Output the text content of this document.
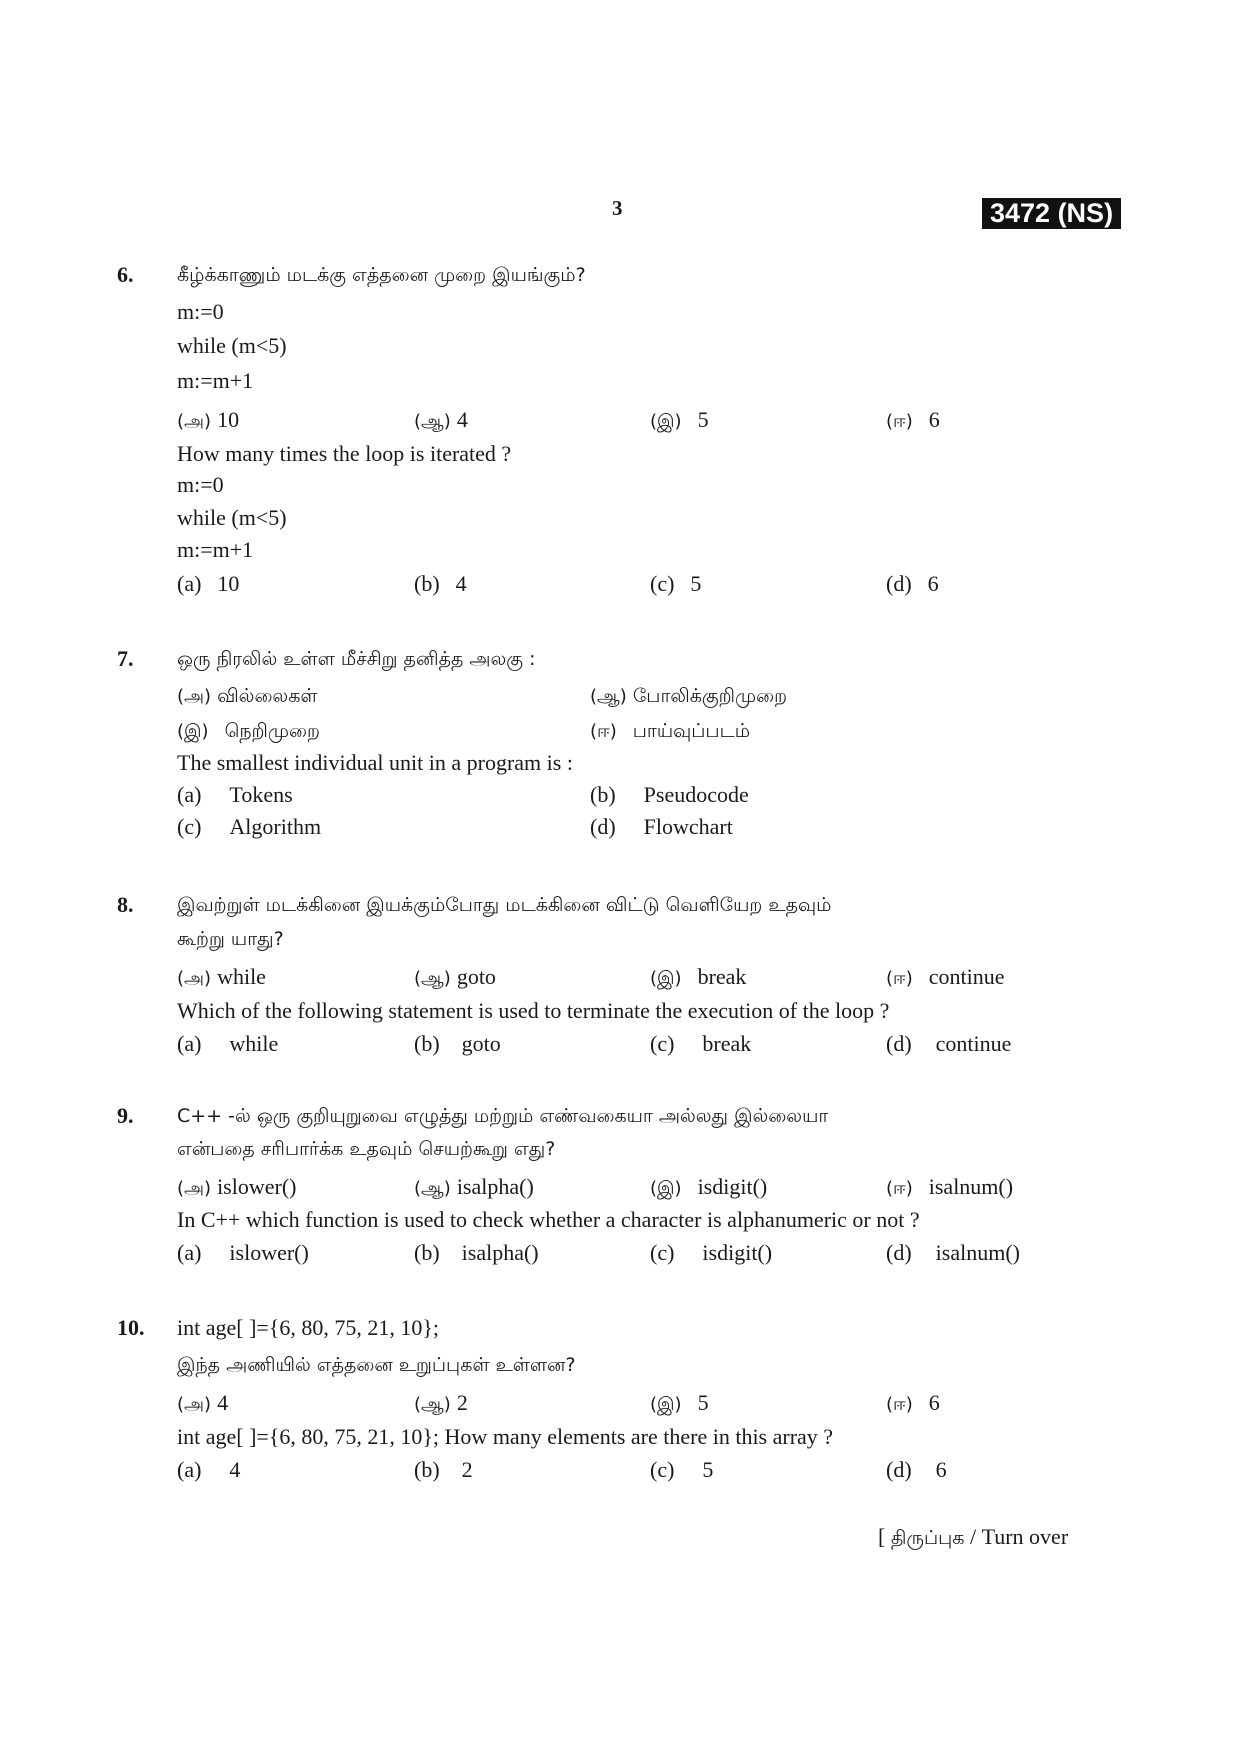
3	3472 (NS)
6. கீழ்க்காணும் மடக்கு எத்தனை முறை இயங்கும்?
m:=0
while (m<5)
m:=m+1
(அ) 10	(ஆ) 4	(இ) 5	(ஈ) 6
How many times the loop is iterated ?
m:=0
while (m<5)
m:=m+1
(a) 10	(b) 4	(c) 5	(d) 6
7. ஒரு நிரலில் உள்ள மீச்சிறு தனித்த அலகு :
(அ) வில்லைகள்	(ஆ) போலிக்குறிமுறை
(இ) நெறிமுறை	(ஈ) பாய்வுப்படம்
The smallest individual unit in a program is :
(a) Tokens	(b) Pseudocode
(c) Algorithm	(d) Flowchart
8. இவற்றுள் மடக்கினை இயக்கும்போது மடக்கினை விட்டு வெளியேற உதவும்
கூற்று யாது?
(அ) while	(ஆ) goto	(இ) break	(ஈ) continue
Which of the following statement is used to terminate the execution of the loop ?
(a) while	(b) goto	(c) break	(d) continue
9. C++ -ல் ஒரு குறியுறுவை எழுத்து மற்றும் எண்வகையா அல்லது இல்லையா
என்பதை சரிபார்க்க உதவும் செயற்கூறு எது?
(அ) islower()	(ஆ) isalpha()	(இ) isdigit()	(ஈ) isalnum()
In C++ which function is used to check whether a character is alphanumeric or not ?
(a) islower()	(b) isalpha()	(c) isdigit()	(d) isalnum()
10. int age[ ]={6, 80, 75, 21, 10};
இந்த அணியில் எத்தனை உறுப்புகள் உள்ளன?
(அ) 4	(ஆ) 2	(இ) 5	(ஈ) 6
int age[ ]={6, 80, 75, 21, 10}; How many elements are there in this array ?
(a) 4	(b) 2	(c) 5	(d) 6
[ திருப்புக / Turn over
